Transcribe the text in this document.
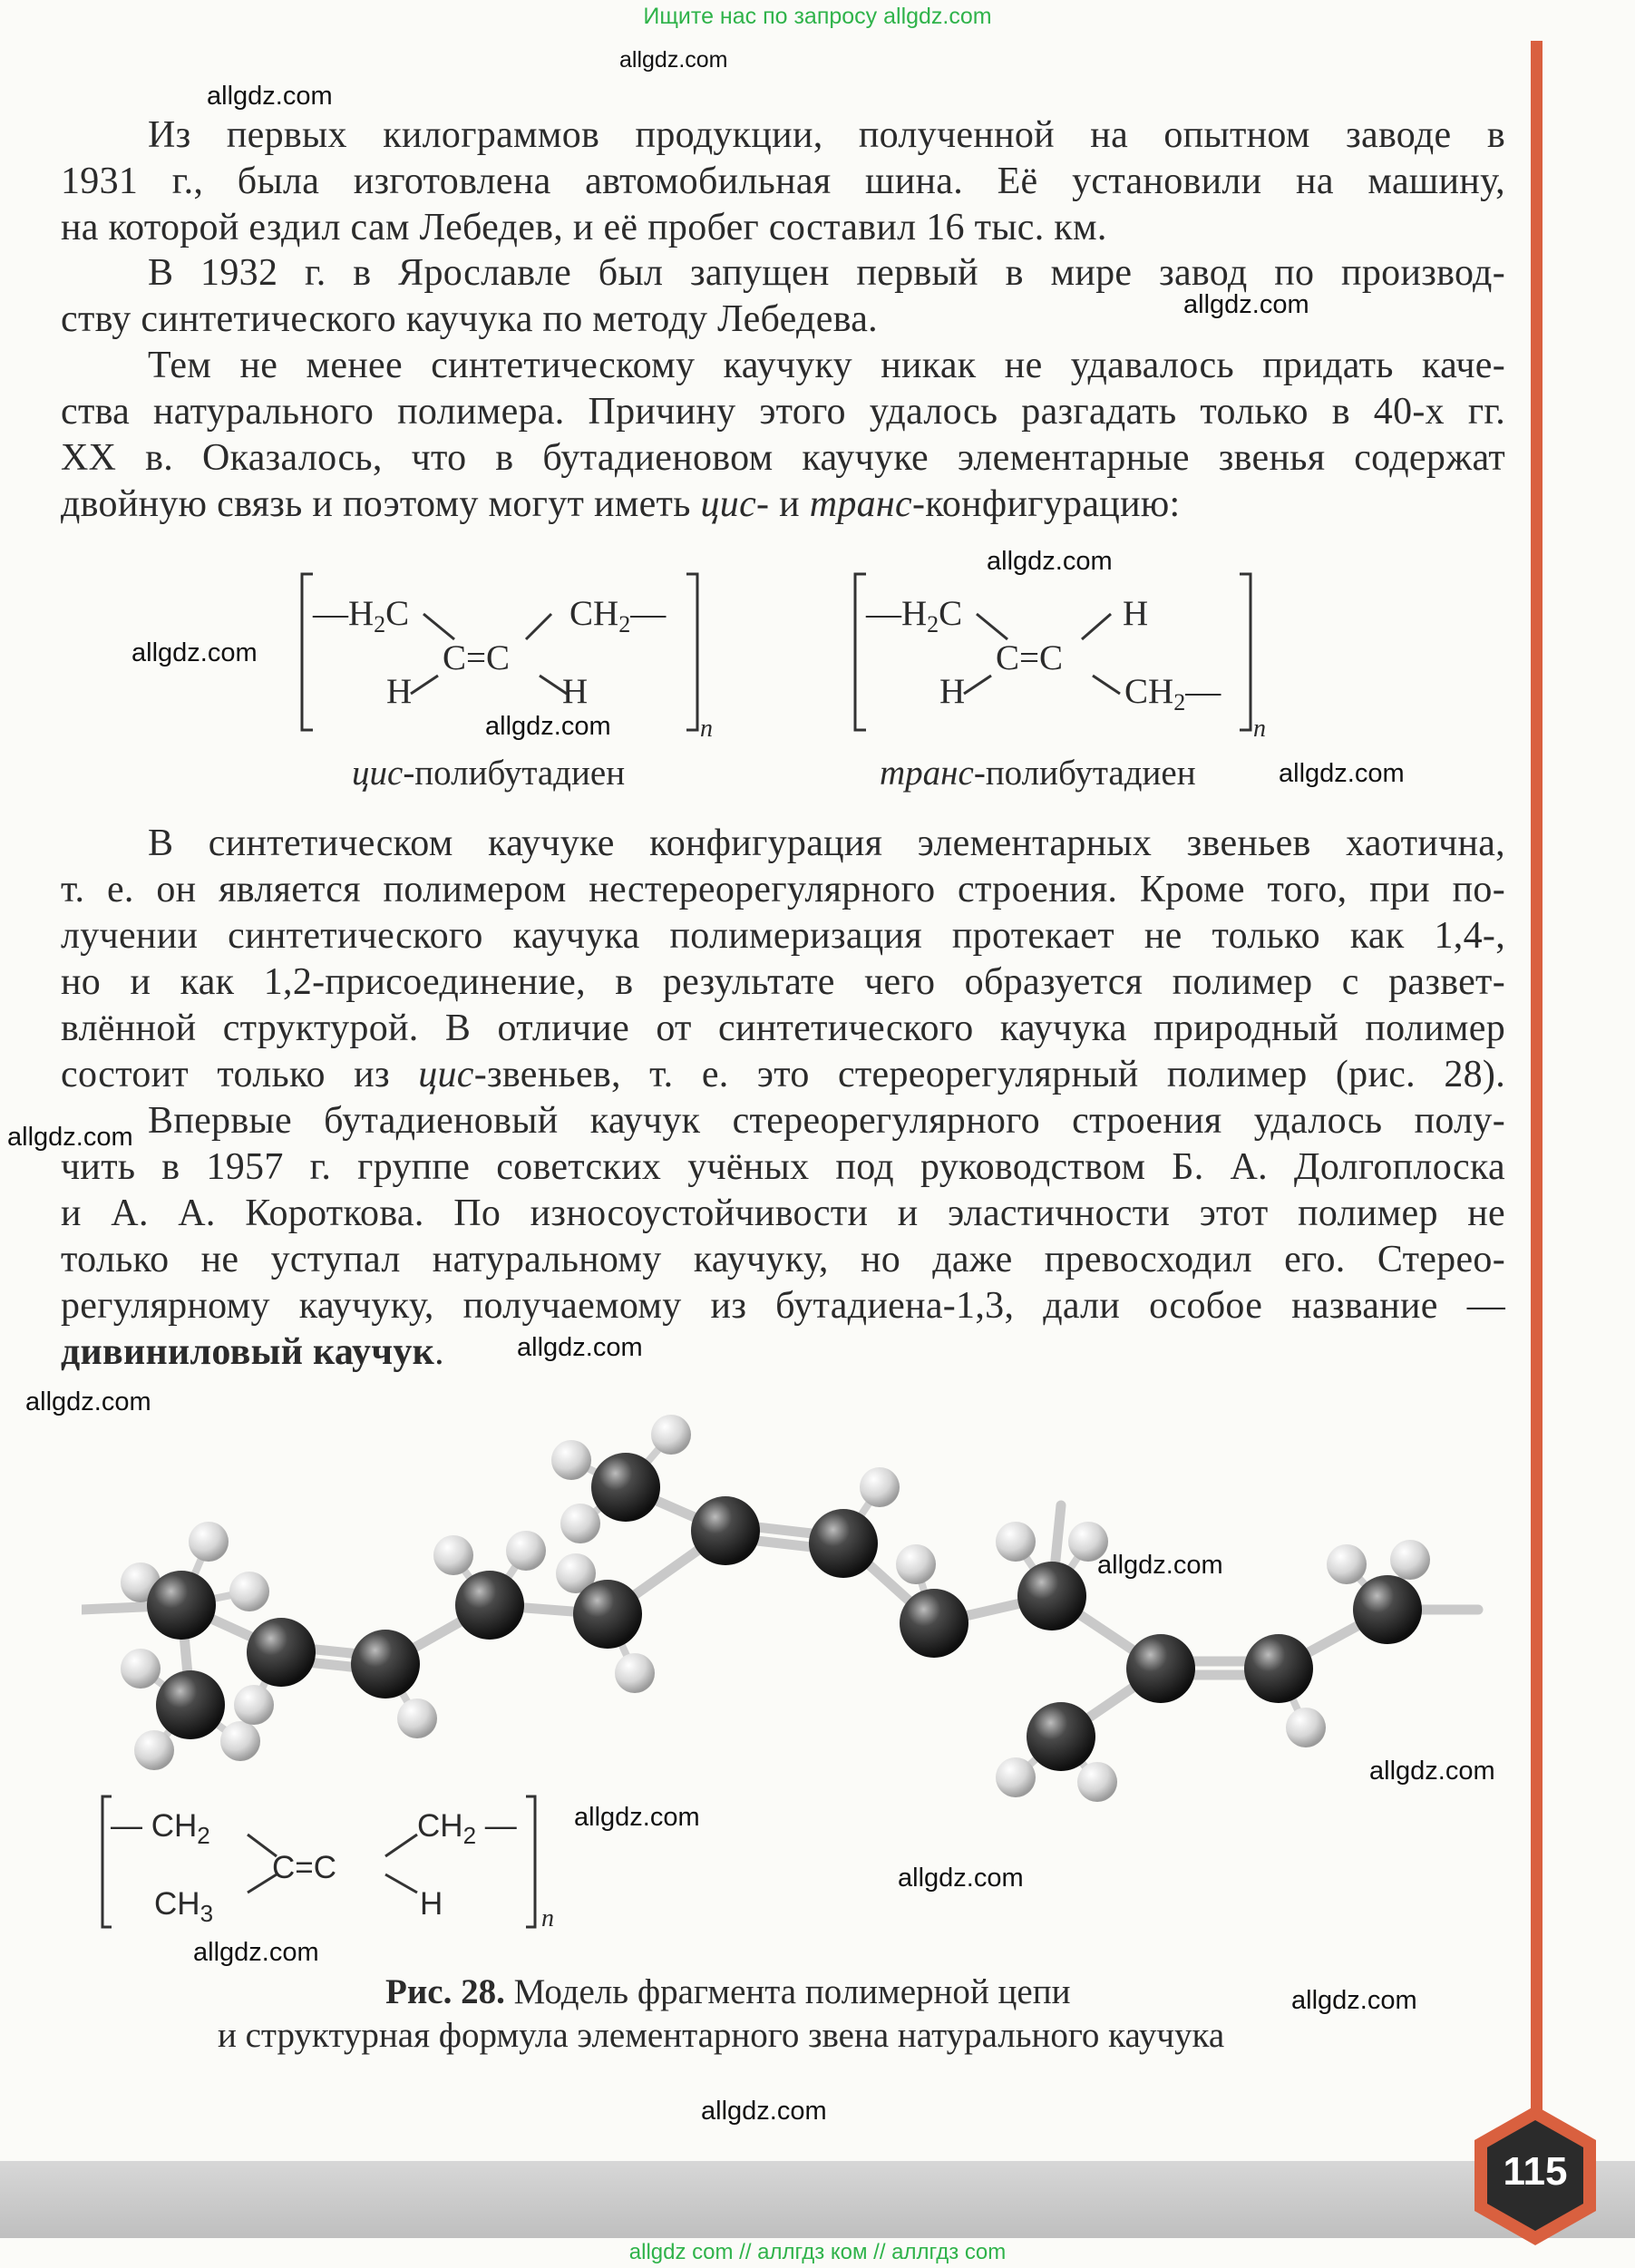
Ищите нас по запросу allgdz.com
Из первых килограммов продукции, полученной на опытном заводе в
1931 г., была изготовлена автомобильная шина. Её установили на машину,
на которой ездил сам Лебедев, и её пробег составил 16 тыс. км.
В 1932 г. в Ярославле был запущен первый в мире завод по производ-
ству синтетического каучука по методу Лебедева.
Тем не менее синтетическому каучуку никак не удавалось придать каче-
ства натурального полимера. Причину этого удалось разгадать только в 40-х гг.
XX в. Оказалось, что в бутадиеновом каучуке элементарные звенья содержат
двойную связь и поэтому могут иметь цис- и транс-конфигурацию:
$—H_2C$	$CH_2—$
C=C
H	H
n
цис-полибутадиен
$—H_2C$	H
C=C
H	$CH_2—$
n
транс-полибутадиен
В синтетическом каучуке конфигурация элементарных звеньев хаотична,
т. е. он является полимером нестереорегулярного строения. Кроме того, при по-
лучении синтетического каучука полимеризация протекает не только как 1,4-,
но и как 1,2-присоединение, в результате чего образуется полимер с развет-
влённой структурой. В отличие от синтетического каучука природный полимер
состоит только из цис-звеньев, т. е. это стереорегулярный полимер (рис. 28).
Впервые бутадиеновый каучук стереорегулярного строения удалось полу-
чить в 1957 г. группе советских учёных под руководством Б. А. Долгоплоска
и А. А. Короткова. По износоустойчивости и эластичности этот полимер не
только не уступал натуральному каучуку, но даже превосходил его. Стерео-
регулярному каучуку, получаемому из бутадиена-1,3, дали особое название —
дивиниловый каучук.
— $CH_2$
$CH_3$
C=C
$CH_2$ —
H	n
Рис. 28. Модель фрагмента полимерной цепи
и структурная формула элементарного звена натурального каучука
115
allgdz com // аллгдз ком // аллгдз com
allgdz.com
allgdz.com
allgdz.com
allgdz.com
allgdz.com
allgdz.com
allgdz.com
allgdz.com
allgdz.com
allgdz.com
allgdz.com
allgdz.com
allgdz.com
allgdz.com
allgdz.com
allgdz.com
allgdz.com
